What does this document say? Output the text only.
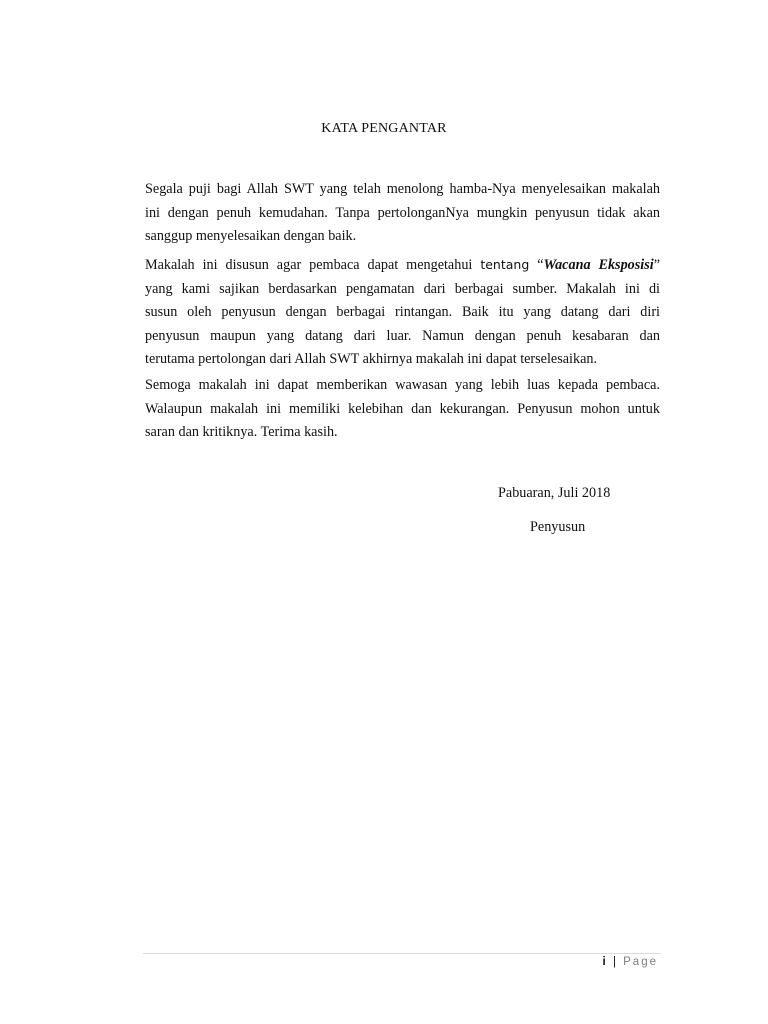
KATA PENGANTAR
Segala puji bagi Allah SWT yang telah menolong hamba-Nya menyelesaikan makalah
ini dengan penuh kemudahan. Tanpa pertolonganNya mungkin penyusun tidak akan
sanggup menyelesaikan dengan baik.
Makalah ini disusun agar pembaca dapat mengetahui tentang “Wacana Eksposisi”
yang kami sajikan berdasarkan pengamatan dari berbagai sumber. Makalah ini di
susun oleh penyusun dengan berbagai rintangan. Baik itu yang datang dari diri
penyusun maupun yang datang dari luar. Namun dengan penuh kesabaran dan
terutama pertolongan dari Allah SWT akhirnya makalah ini dapat terselesaikan.
Semoga makalah ini dapat memberikan wawasan yang lebih luas kepada pembaca.
Walaupun makalah ini memiliki kelebihan dan kekurangan. Penyusun mohon untuk
saran dan kritiknya. Terima kasih.
Pabuaran, Juli 2018
Penyusun
i | Page
